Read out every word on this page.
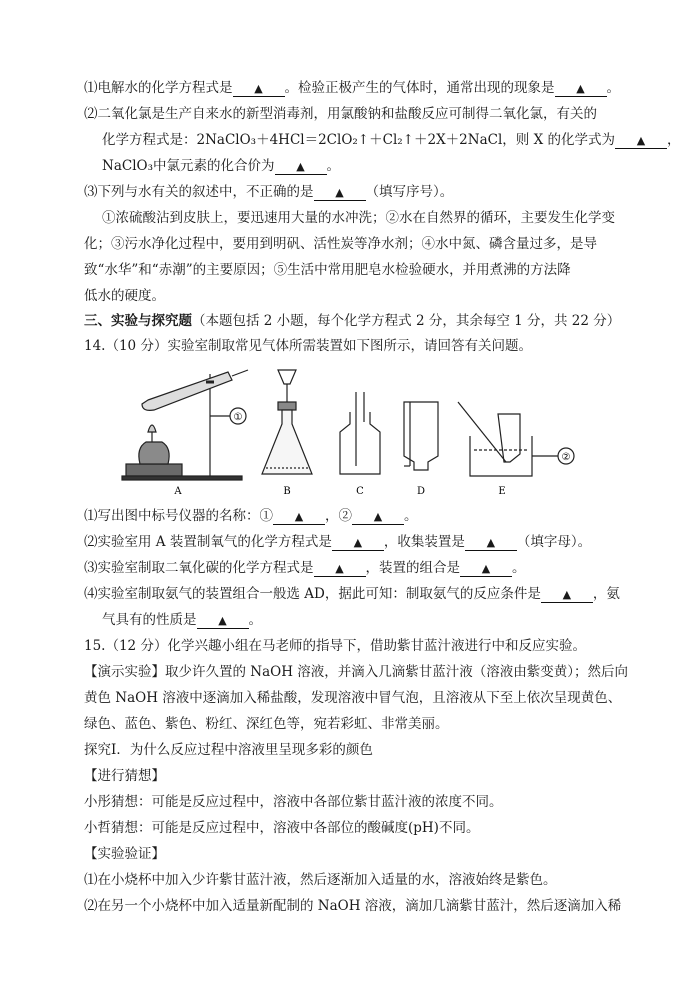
⑴电解水的化学方程式是 ▲ 。检验正极产生的气体时，通常出现的现象是 ▲ 。
⑵二氧化氯是生产自来水的新型消毒剂，用氯酸钠和盐酸反应可制得二氧化氯，有关的
化学方程式是：2NaClO₃＋4HCl＝2ClO₂↑＋Cl₂↑＋2X＋2NaCl，则 X 的化学式为 ▲ ，
NaClO₃中氯元素的化合价为 ▲ 。
⑶下列与水有关的叙述中，不正确的是 ▲ （填写序号）。
①浓硫酸沾到皮肤上，要迅速用大量的水冲洗；②水在自然界的循环，主要发生化学变
化；③污水净化过程中，要用到明矾、活性炭等净水剂；④水中氮、磷含量过多，是导
致“水华”和“赤潮”的主要原因；⑤生活中常用肥皂水检验硬水，并用煮沸的方法降
低水的硬度。
三、实验与探究题（本题包括 2 小题，每个化学方程式 2 分，其余每空 1 分，共 22 分）
14.（10 分）实验室制取常见气体所需装置如下图所示，请回答有关问题。
①
②
A	B	C	D	E
⑴写出图中标号仪器的名称：① ▲ ，② ▲ 。
⑵实验室用 A 装置制氧气的化学方程式是 ▲ ，收集装置是 ▲ （填字母）。
⑶实验室制取二氧化碳的化学方程式是 ▲ ，装置的组合是 ▲ 。
⑷实验室制取氨气的装置组合一般选 AD，据此可知：制取氨气的反应条件是 ▲ ，氨
气具有的性质是 ▲ 。
15.（12 分）化学兴趣小组在马老师的指导下，借助紫甘蓝汁液进行中和反应实验。
【演示实验】取少许久置的 NaOH 溶液，并滴入几滴紫甘蓝汁液（溶液由紫变黄）；然后向
黄色 NaOH 溶液中逐滴加入稀盐酸，发现溶液中冒气泡，且溶液从下至上依次呈现黄色、
绿色、蓝色、紫色、粉红、深红色等，宛若彩虹、非常美丽。
探究Ⅰ．为什么反应过程中溶液里呈现多彩的颜色
【进行猜想】
小彤猜想：可能是反应过程中，溶液中各部位紫甘蓝汁液的浓度不同。
小哲猜想：可能是反应过程中，溶液中各部位的酸碱度(pH)不同。
【实验验证】
⑴在小烧杯中加入少许紫甘蓝汁液，然后逐渐加入适量的水，溶液始终是紫色。
⑵在另一个小烧杯中加入适量新配制的 NaOH 溶液，滴加几滴紫甘蓝汁，然后逐滴加入稀
